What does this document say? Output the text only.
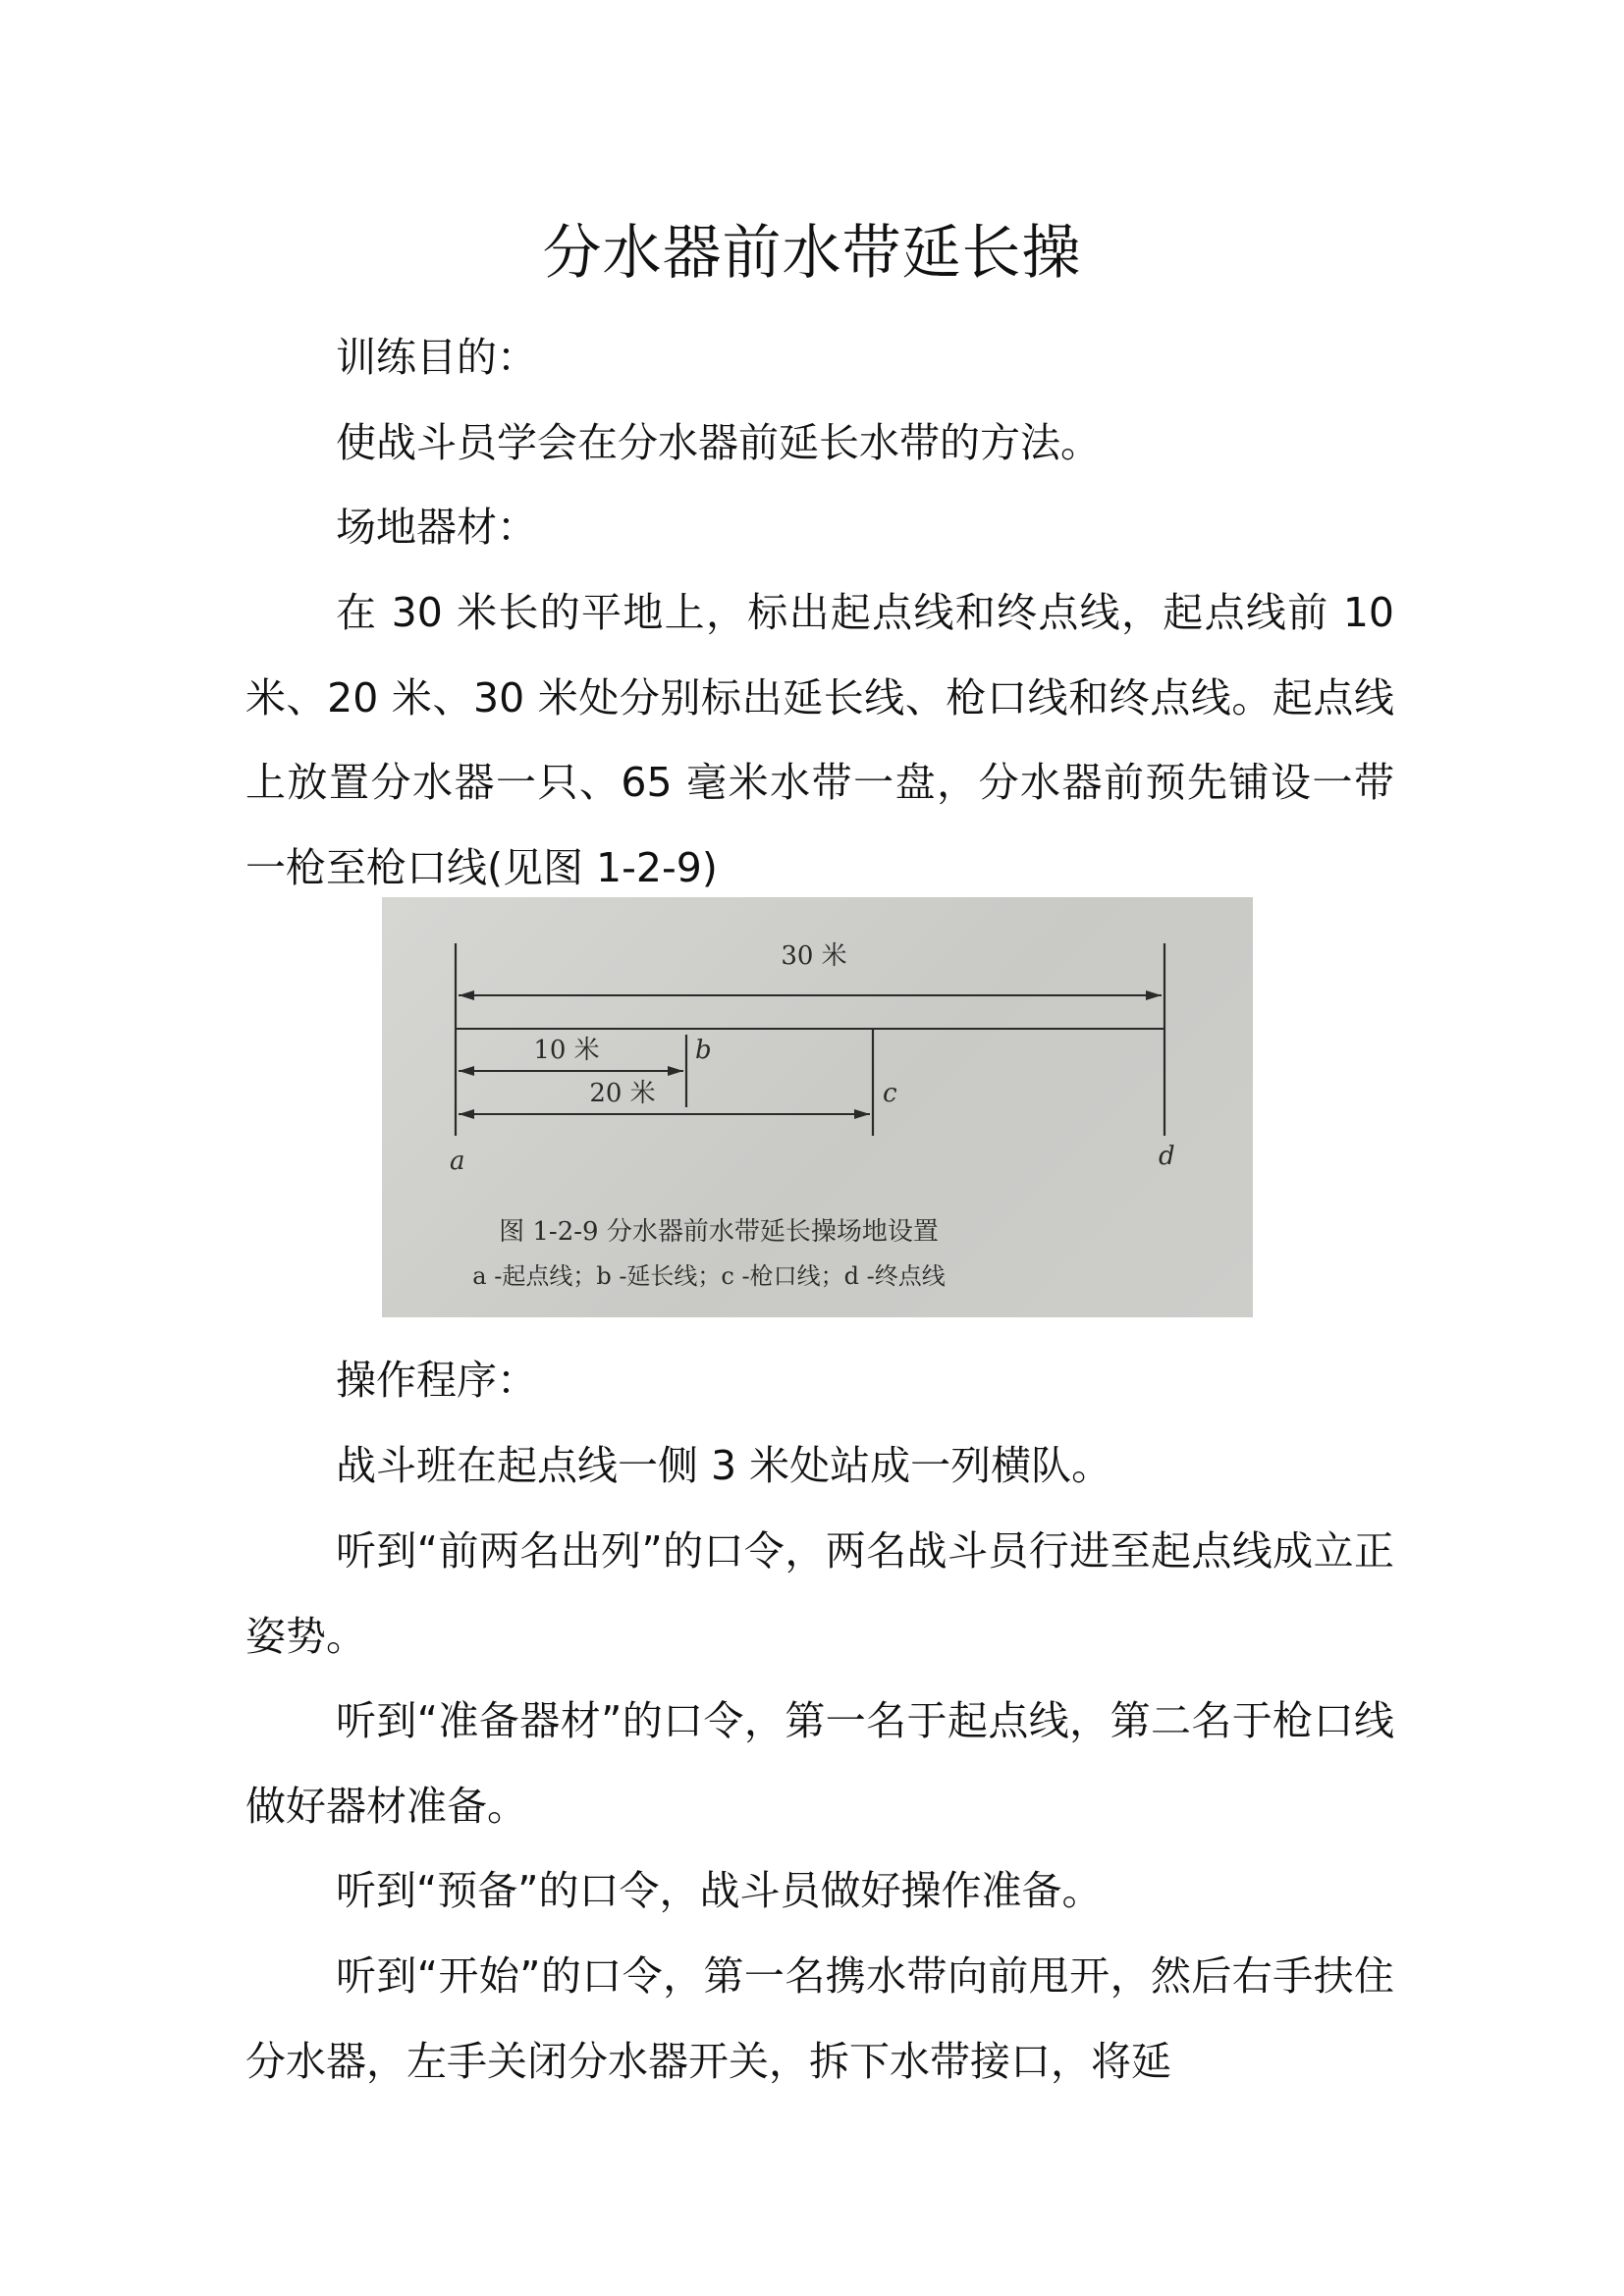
分水器前水带延长操

训练目的：

使战斗员学会在分水器前延长水带的方法。

场地器材：

在 30 米长的平地上，标出起点线和终点线，起点线前 10 米、20 米、30 米处分别标出延长线、枪口线和终点线。起点线上放置分水器一只、65 毫米水带一盘，分水器前预先铺设一带一枪至枪口线(见图 1-2-9)

30 米
10 米
20 米
b
c
a	d
图 1-2-9 分水器前水带延长操场地设置
a -起点线；b -延长线；c -枪口线；d -终点线

操作程序：

战斗班在起点线一侧 3 米处站成一列横队。

听到“前两名出列”的口令，两名战斗员行进至起点线成立正姿势。

听到“准备器材”的口令，第一名于起点线，第二名于枪口线做好器材准备。

听到“预备”的口令，战斗员做好操作准备。

听到“开始”的口令，第一名携水带向前甩开，然后右手扶住分水器，左手关闭分水器开关，拆下水带接口，将延
